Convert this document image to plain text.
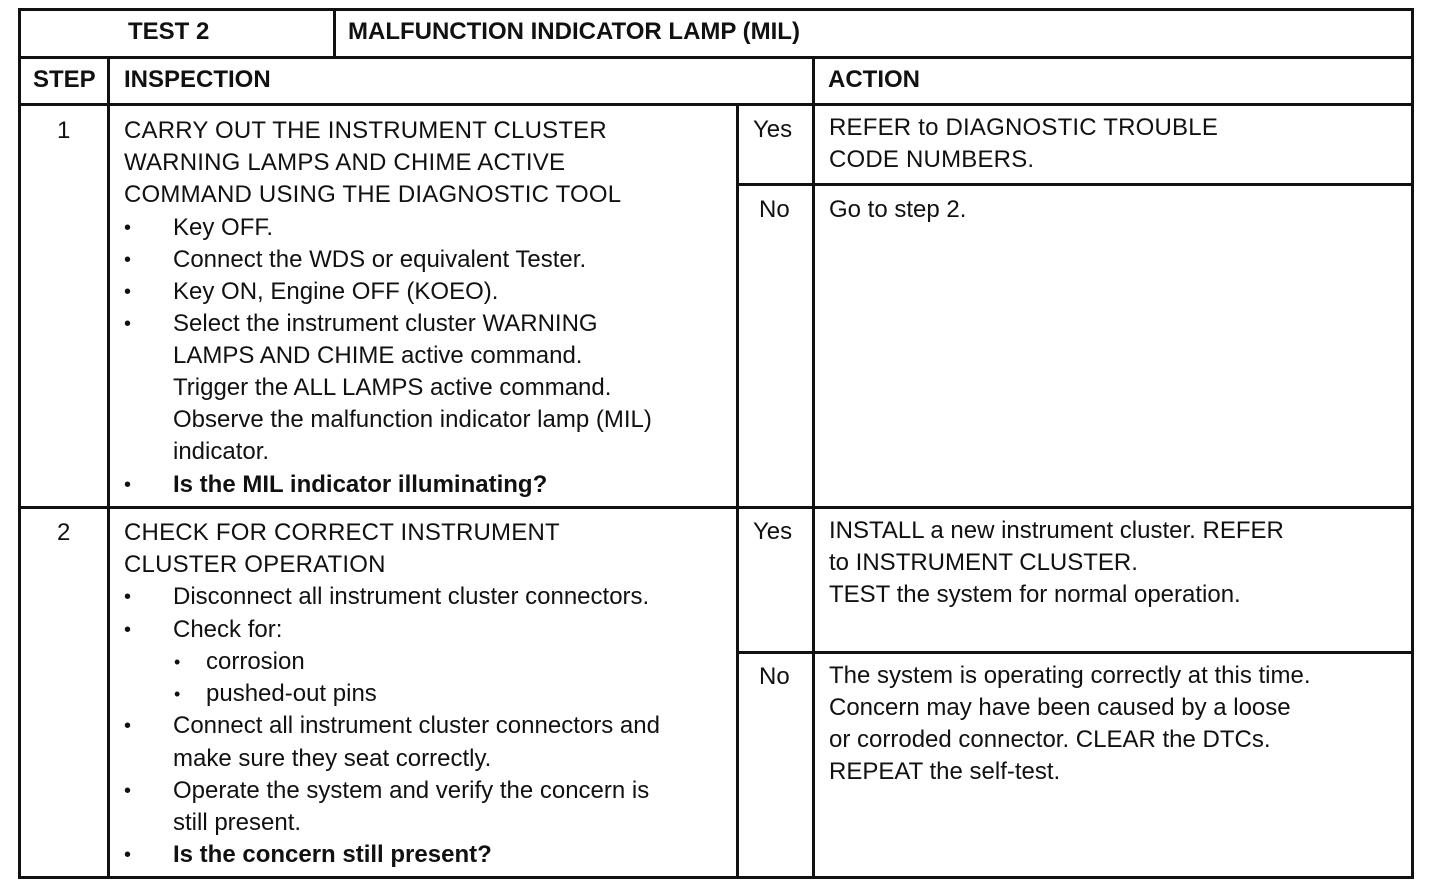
TEST 2	MALFUNCTION INDICATOR LAMP (MIL)
STEP INSPECTION	ACTION
1 CARRY OUT THE INSTRUMENT CLUSTER
WARNING LAMPS AND CHIME ACTIVE
COMMAND USING THE DIAGNOSTIC TOOL
• Key OFF.
• Connect the WDS or equivalent Tester.
• Key ON, Engine OFF (KOEO).
• Select the instrument cluster WARNING
LAMPS AND CHIME active command.
Trigger the ALL LAMPS active command.
Observe the malfunction indicator lamp (MIL)
indicator.
• Is the MIL indicator illuminating?
Yes REFER to DIAGNOSTIC TROUBLE
CODE NUMBERS.
No Go to step 2.
2 CHECK FOR CORRECT INSTRUMENT
CLUSTER OPERATION
• Disconnect all instrument cluster connectors.
• Check for:
• corrosion
• pushed-out pins
• Connect all instrument cluster connectors and
make sure they seat correctly.
• Operate the system and verify the concern is
still present.
• Is the concern still present?
Yes INSTALL a new instrument cluster. REFER
to INSTRUMENT CLUSTER.
TEST the system for normal operation.
No The system is operating correctly at this time.
Concern may have been caused by a loose
or corroded connector. CLEAR the DTCs.
REPEAT the self-test.
